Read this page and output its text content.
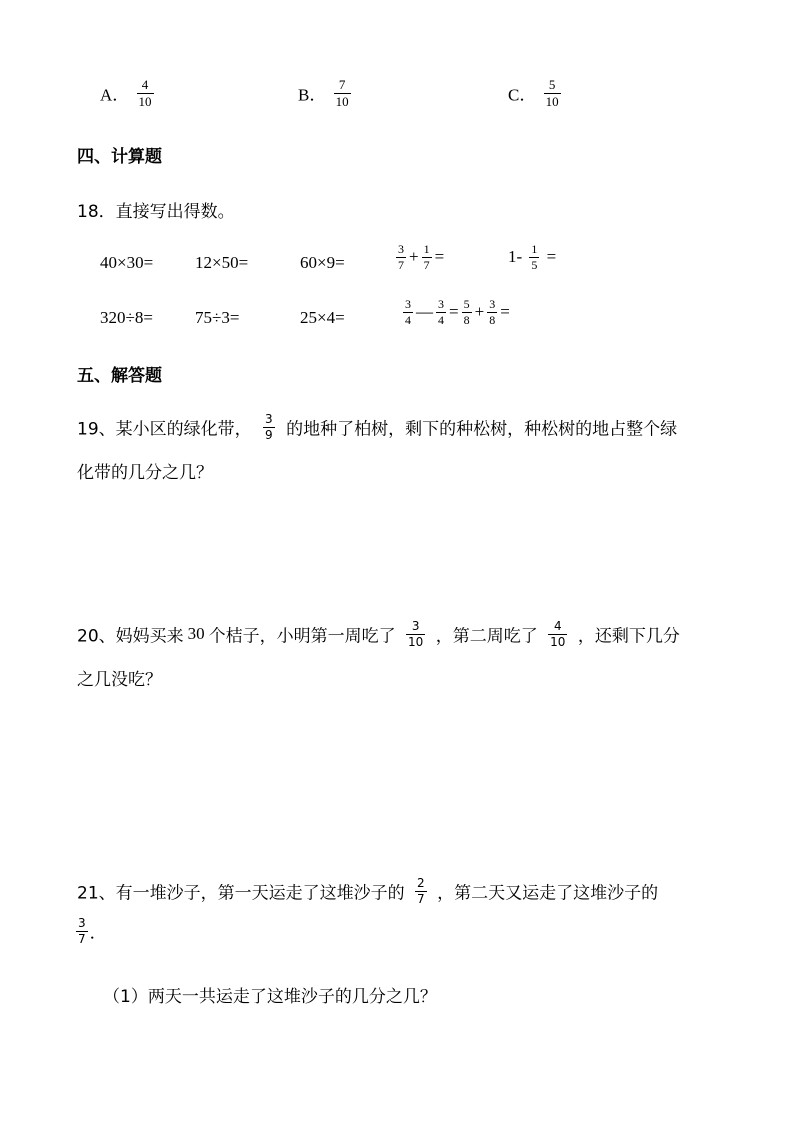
A． $\frac{4}{10}$	B． $\frac{7}{10}$	C． $\frac{5}{10}$
四、计算题
18．直接写出得数。
40×30= 12×50=	60×9=	$\frac{3}{7} + \frac{1}{7}$ =	$1- \frac{1}{5}$ =
320÷8= 75÷3=	25×4=	$\frac{3}{4}$ — $\frac{3}{4} = \frac{5}{8} + \frac{3}{8}$ =
五、解答题
19、某小区的绿化带， $\frac{3}{9}$ 的地种了柏树，剩下的种松树，种松树的地占整个绿
化带的几分之几？
20、妈妈买来 30 个桔子，小明第一周吃了 $\frac{3}{10}$ ，第二周吃了 $\frac{4}{10}$ ，还剩下几分
之几没吃？
21、有一堆沙子，第一天运走了这堆沙子的 $\frac{2}{7}$ ，第二天又运走了这堆沙子的
$\frac{3}{7}$ ．
（1）两天一共运走了这堆沙子的几分之几？
